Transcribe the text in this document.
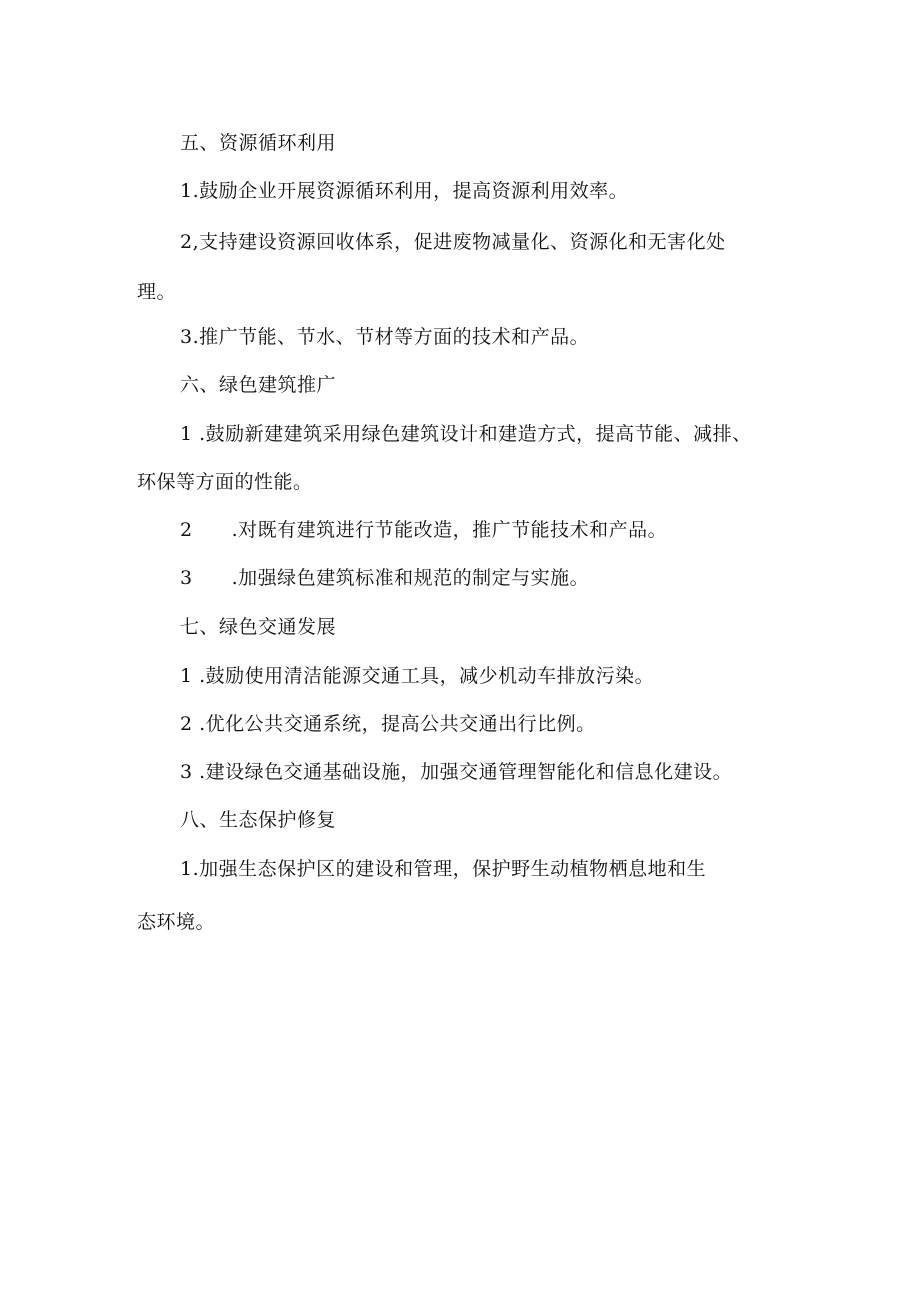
五、资源循环利用

1.鼓励企业开展资源循环利用，提高资源利用效率。

2,支持建设资源回收体系，促进废物减量化、资源化和无害化处

理。

3.推广节能、节水、节材等方面的技术和产品。

六、绿色建筑推广

1 .鼓励新建建筑采用绿色建筑设计和建造方式，提高节能、减排、

环保等方面的性能。

2　　.对既有建筑进行节能改造，推广节能技术和产品。

3　　.加强绿色建筑标准和规范的制定与实施。

七、绿色交通发展

1 .鼓励使用清洁能源交通工具，减少机动车排放污染。

2 .优化公共交通系统，提高公共交通出行比例。

3 .建设绿色交通基础设施，加强交通管理智能化和信息化建设。

八、生态保护修复

1.加强生态保护区的建设和管理，保护野生动植物栖息地和生

态环境。
